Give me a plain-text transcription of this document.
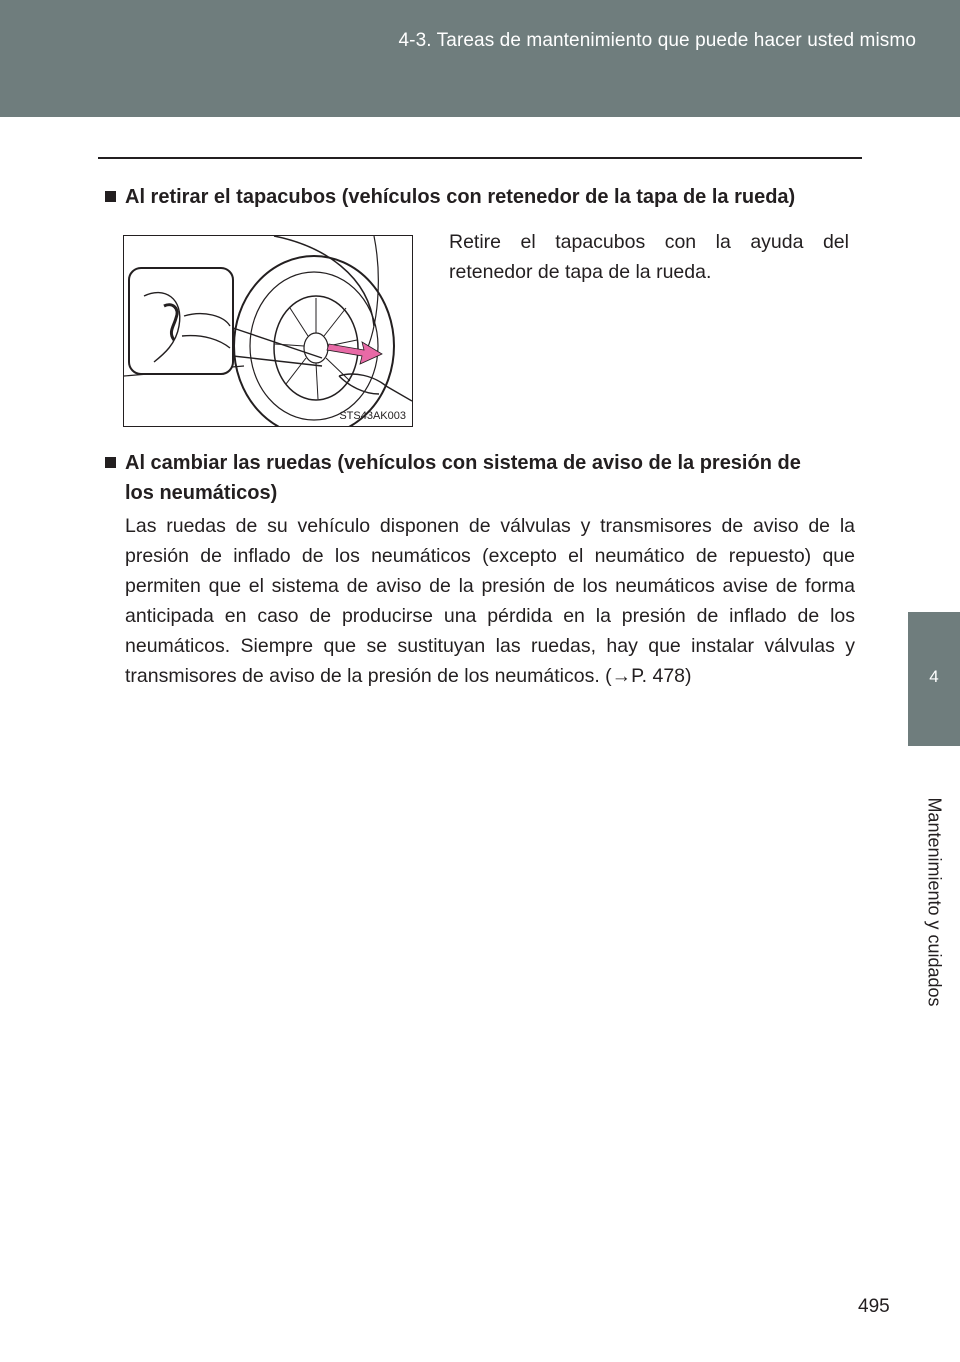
4-3. Tareas de mantenimiento que puede hacer usted mismo
4
Mantenimiento y cuidados
Al retirar el tapacubos (vehículos con retenedor de la tapa de la rueda)
STS43AK003
Retire el tapacubos con la ayuda del retenedor de tapa de la rueda.
Al cambiar las ruedas (vehículos con sistema de aviso de la presión de
los neumáticos)
Las ruedas de su vehículo disponen de válvulas y transmisores de aviso de la presión de inflado de los neumáticos (excepto el neumático de repuesto) que permiten que el sistema de aviso de la presión de los neumáticos avise de forma anticipada en caso de producirse una pérdida en la presión de inflado de los neumáticos. Siempre que se sustituyan las ruedas, hay que instalar válvulas y transmisores de aviso de la presión de los neumáticos. (→P. 478)
495
